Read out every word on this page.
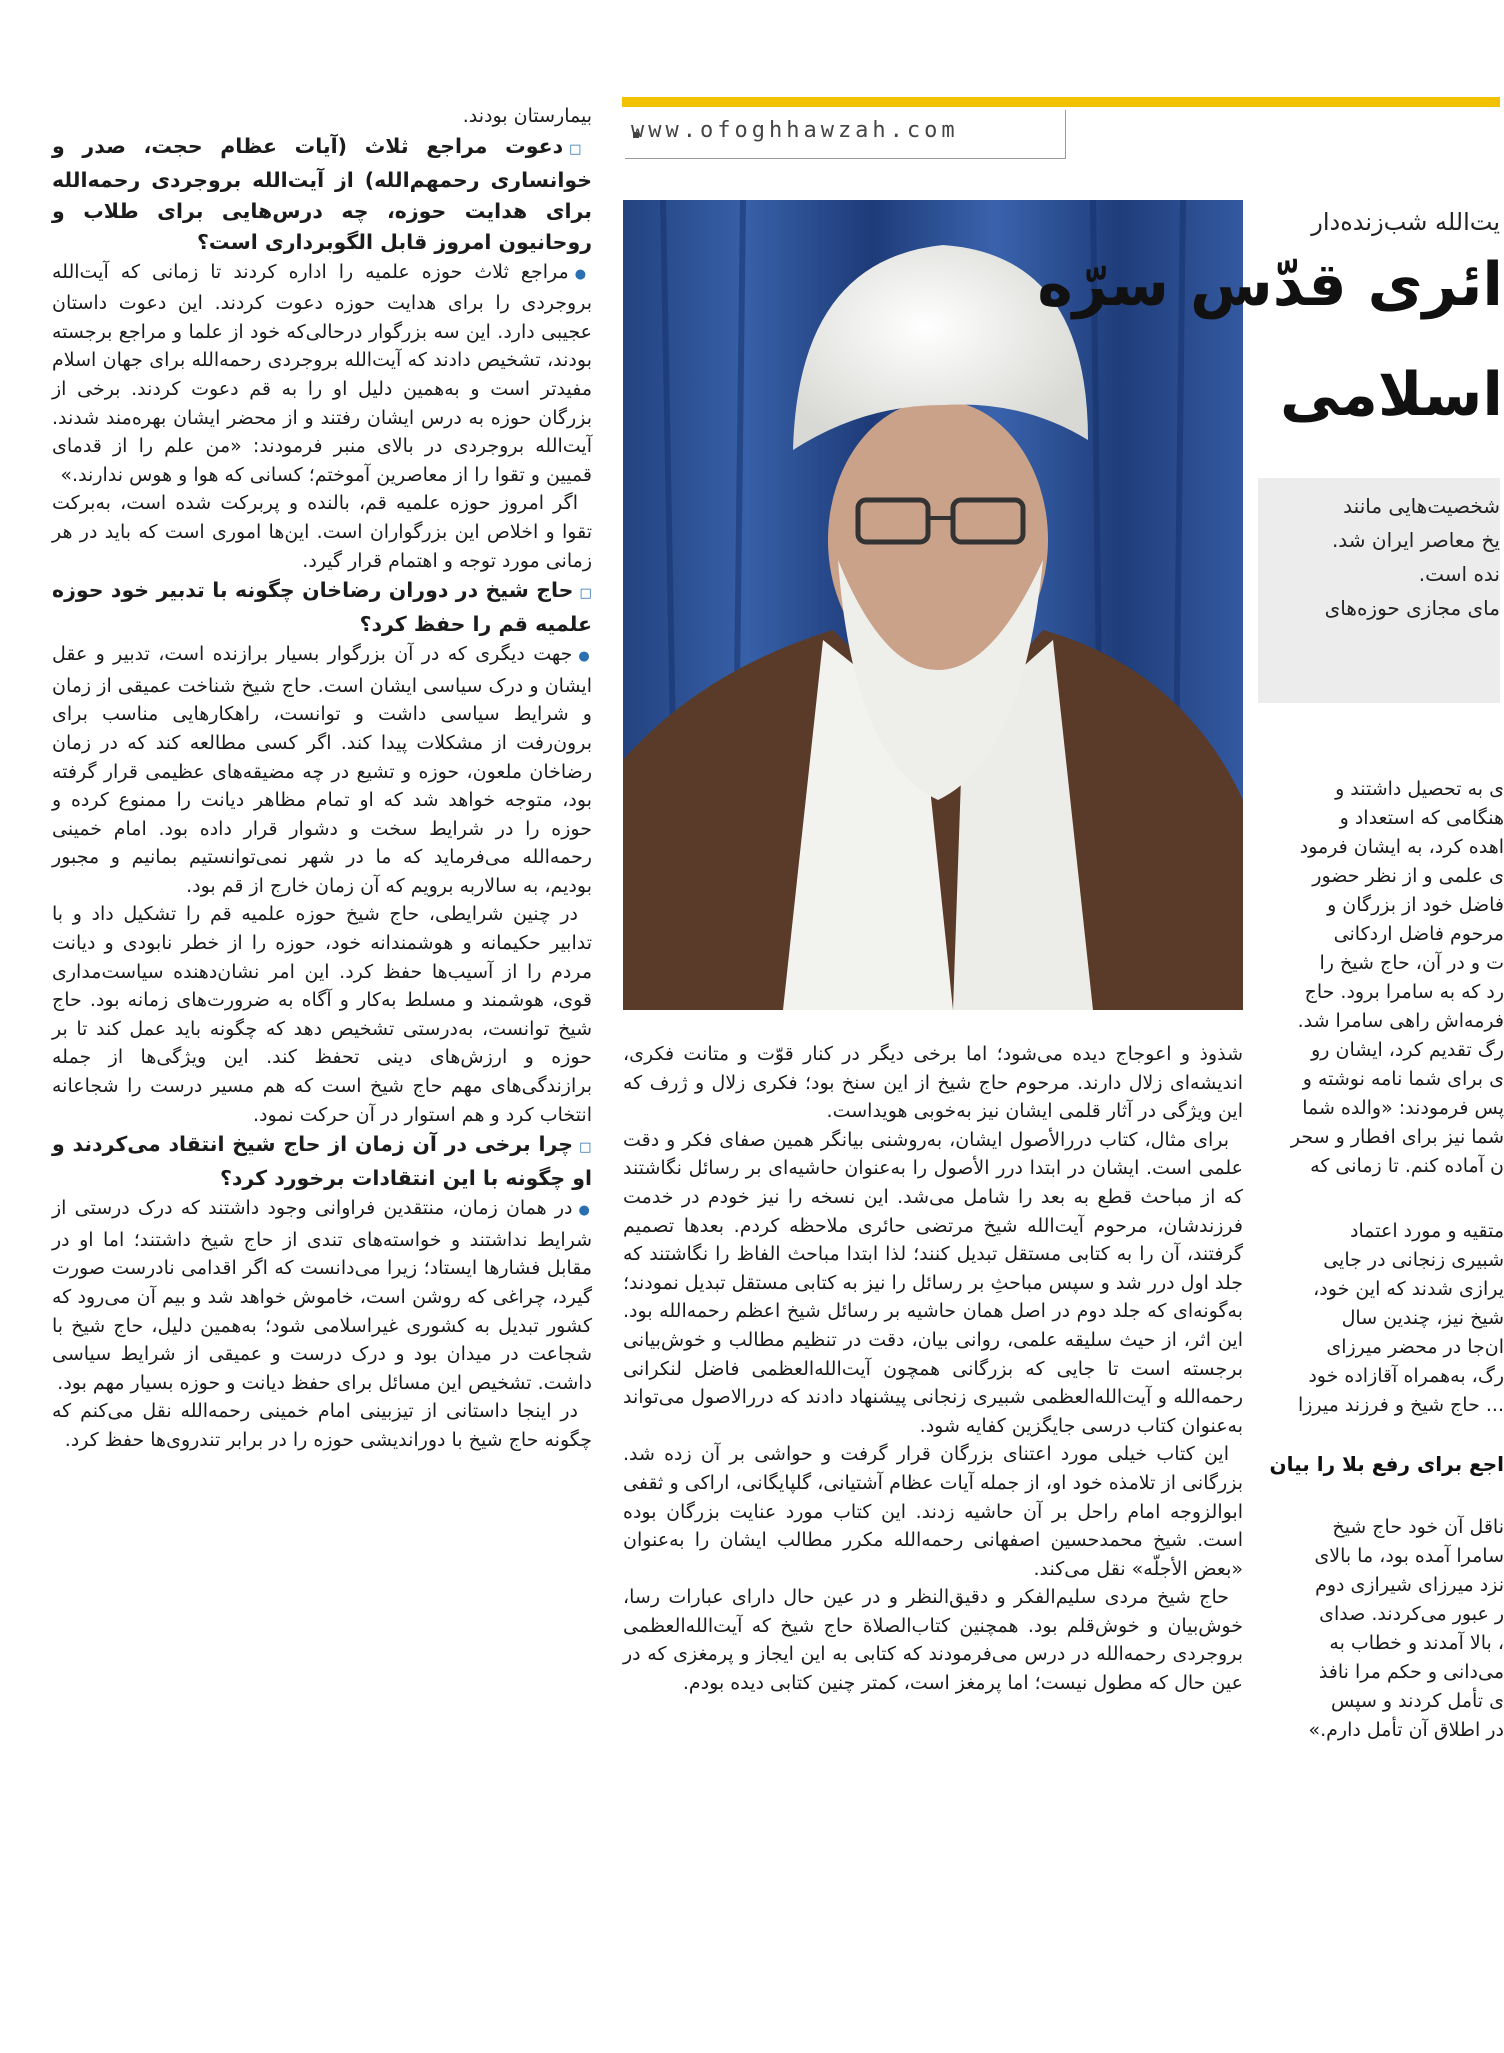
www.ofoghhawzah.com
یت‌الله شب‌زنده‌دار
ائری قدّس سرّه
اسلامی

شخصیت‌هایی مانند

یخ معاصر ایران شد.

نده است.

مای مجازی حوزه‌های

ی به تحصیل داشتند و
هنگامی که استعداد و
اهده کرد، به ایشان فرمود
ی علمی و از نظر حضور
فاضل خود از بزرگان و
مرحوم فاضل اردکانی
ت و در آن، حاج شیخ را
رد که به سامرا برود. حاج
فرمه‌اش راهی سامرا شد.
رگ تقدیم کرد، ایشان رو
ی برای شما نامه نوشته و
پس فرمودند: «والده شما
شما نیز برای افطار و سحر
ن آماده کنم. تا زمانی که
متقیه و مورد اعتماد
شبیری زنجانی در جایی
یرازی شدند که این خود،
شیخ نیز، چندین سال
ان‌جا در محضر میرزای
رگ، به‌همراه آقازاده خود
... حاج شیخ و فرزند میرزا
اجع برای رفع بلا را بیان
ناقل آن خود حاج شیخ
سامرا آمده بود، ما بالای
نزد میرزای شیرازی دوم
ر عبور می‌کردند. صدای
، بالا آمدند و خطاب به
می‌دانی و حکم مرا نافذ
ی تأمل کردند و سپس
در اطلاق آن تأمل دارم.»

شذوذ و اعوجاج دیده می‌شود؛ اما برخی دیگر در کنار قوّت و متانت فکری، اندیشه‌ای زلال دارند. مرحوم حاج شیخ از این سنخ بود؛ فکری زلال و ژرف که این ویژگی در آثار قلمی ایشان نیز به‌خوبی هویداست.

برای مثال، کتاب دررالأصول ایشان، به‌روشنی بیانگر همین صفای فکر و دقت علمی است. ایشان در ابتدا درر الأصول را به‌عنوان حاشیه‌ای بر رسائل نگاشتند که از مباحث قطع به بعد را شامل می‌شد. این نسخه را نیز خودم در خدمت فرزندشان، مرحوم آیت‌الله شیخ مرتضی حائری ملاحظه کردم. بعدها تصمیم گرفتند، آن را به کتابی مستقل تبدیل کنند؛ لذا ابتدا مباحث الفاظ را نگاشتند که جلد اول درر شد و سپس مباحثِ بر رسائل را نیز به کتابی مستقل تبدیل نمودند؛ به‌گونه‌ای که جلد دوم در اصل همان حاشیه بر رسائل شیخ اعظم رحمه‌الله بود. این اثر، از حیث سلیقه علمی، روانی بیان، دقت در تنظیم مطالب و خوش‌بیانی برجسته است تا جایی که بزرگانی همچون آیت‌الله‌العظمی فاضل لنکرانی رحمه‌الله و آیت‌الله‌العظمی شبیری زنجانی پیشنهاد دادند که دررالاصول می‌تواند به‌عنوان کتاب درسی جایگزین کفایه شود.

این کتاب خیلی مورد اعتنای بزرگان قرار گرفت و حواشی بر آن زده شد. بزرگانی از تلامذه خود او، از جمله آیات عظام آشتیانی، گلپایگانی، اراکی و ثقفی ابوالزوجه امام راحل بر آن حاشیه زدند. این کتاب مورد عنایت بزرگان بوده است. شیخ محمدحسین اصفهانی رحمه‌الله مکرر مطالب ایشان را به‌عنوان «بعض الأجلّه» نقل می‌کند.

حاج شیخ مردی سلیم‌الفکر و دقیق‌النظر و در عین حال دارای عبارات رسا، خوش‌بیان و خوش‌قلم بود. همچنین کتاب‌الصلاة حاج شیخ که آیت‌الله‌العظمی بروجردی رحمه‌الله در درس می‌فرمودند که کتابی به این ایجاز و پرمغزی که در عین حال که مطول نیست؛ اما پرمغز است، کمتر چنین کتابی دیده بودم.

بیمارستان بودند.

□دعوت مراجع ثلاث (آیات عظام حجت، صدر و خوانساری رحمهم‌الله) از آیت‌الله بروجردی رحمه‌الله برای هدایت حوزه، چه درس‌هایی برای طلاب و روحانیون امروز قابل الگوبرداری است؟

●مراجع ثلاث حوزه علمیه را اداره کردند تا زمانی که آیت‌الله بروجردی را برای هدایت حوزه دعوت کردند. این دعوت داستان عجیبی دارد. این سه بزرگوار درحالی‌که خود از علما و مراجع برجسته بودند، تشخیص دادند که آیت‌الله بروجردی رحمه‌الله برای جهان اسلام مفیدتر است و به‌همین دلیل او را به قم دعوت کردند. برخی از بزرگان حوزه به درس ایشان رفتند و از محضر ایشان بهره‌مند شدند. آیت‌الله بروجردی در بالای منبر فرمودند: «من علم را از قدمای قمیین و تقوا را از معاصرین آموختم؛ کسانی که هوا و هوس ندارند.»

اگر امروز حوزه علمیه قم، بالنده و پربرکت شده است، به‌برکت تقوا و اخلاص این بزرگواران است. این‌ها اموری است که باید در هر زمانی مورد توجه و اهتمام قرار گیرد.

□حاج شیخ در دوران رضاخان چگونه با تدبیر خود حوزه علمیه قم را حفظ کرد؟

●جهت دیگری که در آن بزرگوار بسیار برازنده است، تدبیر و عقل ایشان و درک سیاسی ایشان است. حاج شیخ شناخت عمیقی از زمان و شرایط سیاسی داشت و توانست، راهکارهایی مناسب برای برون‌رفت از مشکلات پیدا کند. اگر کسی مطالعه کند که در زمان رضاخان ملعون، حوزه و تشیع در چه مضیقه‌های عظیمی قرار گرفته بود، متوجه خواهد شد که او تمام مظاهر دیانت را ممنوع کرده و حوزه را در شرایط سخت و دشوار قرار داده بود. امام خمینی رحمه‌الله می‌فرماید که ما در شهر نمی‌توانستیم بمانیم و مجبور بودیم، به سالاربه برویم که آن زمان خارج از قم بود.

در چنین شرایطی، حاج شیخ حوزه علمیه قم را تشکیل داد و با تدابیر حکیمانه و هوشمندانه خود، حوزه را از خطر نابودی و دیانت مردم را از آسیب‌ها حفظ کرد. این امر نشان‌دهنده سیاست‌مداری قوی، هوشمند و مسلط به‌کار و آگاه به ضرورت‌های زمانه بود. حاج شیخ توانست، به‌درستی تشخیص دهد که چگونه باید عمل کند تا بر حوزه و ارزش‌های دینی تحفظ کند. این ویژگی‌ها از جمله برازندگی‌های مهم حاج شیخ است که هم مسیر درست را شجاعانه انتخاب کرد و هم استوار در آن حرکت نمود.

□چرا برخی در آن زمان از حاج شیخ انتقاد می‌کردند و او چگونه با این انتقادات برخورد کرد؟

●در همان زمان، منتقدین فراوانی وجود داشتند که درک درستی از شرایط نداشتند و خواسته‌های تندی از حاج شیخ داشتند؛ اما او در مقابل فشارها ایستاد؛ زیرا می‌دانست که اگر اقدامی نادرست صورت گیرد، چراغی که روشن است، خاموش خواهد شد و بیم آن می‌رود که کشور تبدیل به کشوری غیراسلامی شود؛ به‌همین دلیل، حاج شیخ با شجاعت در میدان بود و درک درست و عمیقی از شرایط سیاسی داشت. تشخیص این مسائل برای حفظ دیانت و حوزه بسیار مهم بود.

در اینجا داستانی از تیزبینی امام خمینی رحمه‌الله نقل می‌کنم که چگونه حاج شیخ با دوراندیشی حوزه را در برابر تندروی‌ها حفظ کرد.
